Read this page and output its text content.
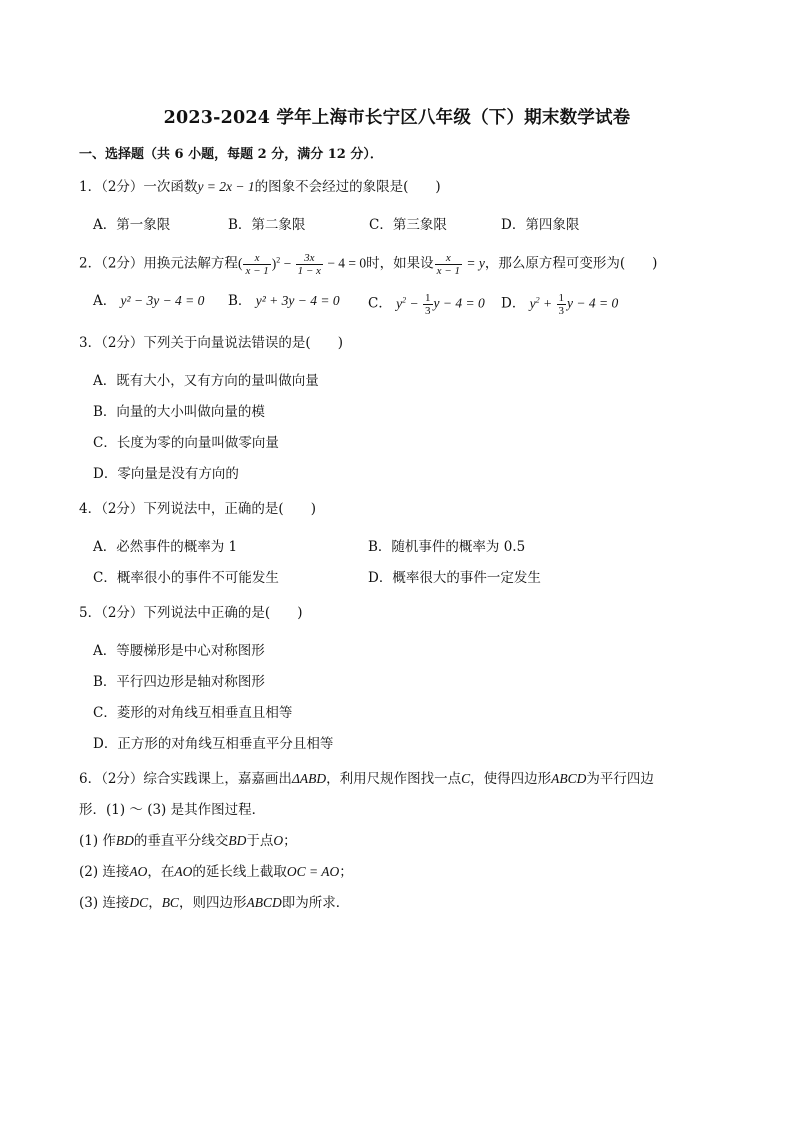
2023-2024 学年上海市长宁区八年级（下）期末数学试卷
一、选择题（共 6 小题，每题 2 分，满分 12 分）．
1．（2分）一次函数y = 2x − 1的图象不会经过的象限是(　　)
A．第一象限	B．第二象限	C．第三象限	D．第四象限
2．（2分）用换元法解方程( $\frac{x}{x - 1} )^2 - \frac{3x}{1 - x} - 4 = 0$时，如果设 $\frac{x}{x - 1} = y$，那么原方程可变形为(　　)
A． y² − 3y − 4 = 0 B． y² + 3y − 4 = 0 C． $y^2 - \frac{1}{3}$ y − 4 = 0 D． $y^2 + \frac{1}{3}$ y − 4 = 0
3．（2分）下列关于向量说法错误的是(　　)
A．既有大小，又有方向的量叫做向量
B．向量的大小叫做向量的模
C．长度为零的向量叫做零向量
D．零向量是没有方向的
4．（2分）下列说法中，正确的是(　　)
A．必然事件的概率为 1	B．随机事件的概率为 0.5
C．概率很小的事件不可能发生	D．概率很大的事件一定发生
5．（2分）下列说法中正确的是(　　)
A．等腰梯形是中心对称图形
B．平行四边形是轴对称图形
C．菱形的对角线互相垂直且相等
D．正方形的对角线互相垂直平分且相等
6．（2分）综合实践课上，嘉嘉画出ΔABD，利用尺规作图找一点C，使得四边形ABCD为平行四边
形．(1) ～ (3) 是其作图过程．
(1) 作BD的垂直平分线交BD于点O；
(2) 连接AO，在AO的延长线上截取OC = AO；
(3) 连接DC，BC，则四边形ABCD即为所求．
